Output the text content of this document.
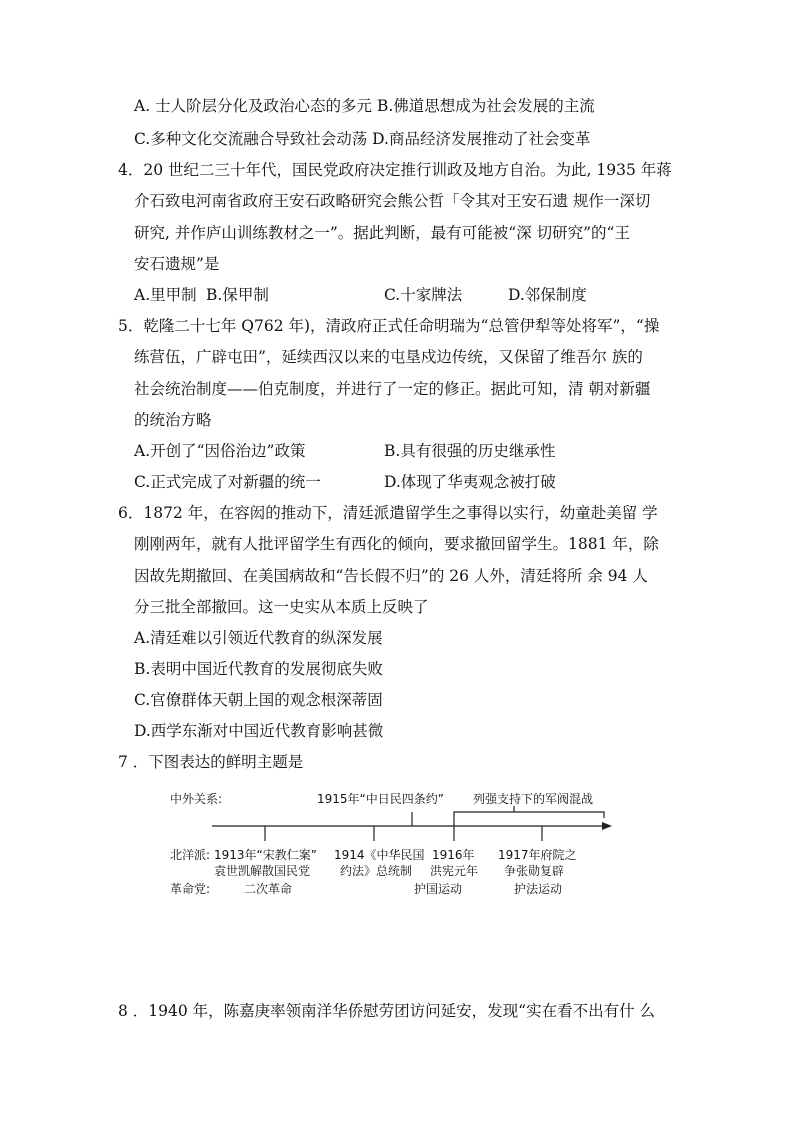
A. 士人阶层分化及政治心态的多元 B.佛道思想成为社会发展的主流
C.多种文化交流融合导致社会动荡 D.商品经济发展推动了社会变革
4．20 世纪二三十年代，国民党政府决定推行训政及地方自治。为此, 1935 年蒋
介石致电河南省政府王安石政略研究会熊公哲「令其对王安石遗 规作一深切
研究, 并作庐山训练教材之一”。据此判断，最有可能被“深 切研究”的“王
安石遗规”是
A.里甲制 B.保甲制	C.十家牌法	D.邻保制度
5．乾隆二十七年 Q762 年)，清政府正式任命明瑞为“总管伊犁等处将军”，“操
练营伍，广辟屯田”，延续西汉以来的屯垦戍边传统，又保留了维吾尔 族的
社会统治制度——伯克制度，并进行了一定的修正。据此可知，清 朝对新疆
的统治方略
A.开创了“因俗治边”政策	B.具有很强的历史继承性
C.正式完成了对新疆的统一	D.体现了华夷观念被打破
6．1872 年，在容闳的推动下，清廷派遣留学生之事得以实行，幼童赴美留 学
刚刚两年，就有人批评留学生有西化的倾向，要求撤回留学生。1881 年，除
因故先期撤回、在美国病故和“告长假不归”的 26 人外，清廷将所 余 94 人
分三批全部撤回。这一史实从本质上反映了
A.清廷难以引领近代教育的纵深发展
B.表明中国近代教育的发展彻底失败
C.官僚群体天朝上国的观念根深蒂固
D.西学东渐对中国近代教育影响甚微
7 ．下图表达的鲜明主题是
中外关系:	1915年“中日民四条约” 列强支持下的军阀混战
北洋派: 1913年“宋教仁案”
袁世凯解散国民党
1914《中华民国
约法》总统制
1916年
洪宪元年
1917年府院之
争张勋复辟
革命党:	二次革命	护国运动	护法运动
8 ．1940 年，陈嘉庚率领南洋华侨慰劳团访问延安，发现“实在看不出有什 么
